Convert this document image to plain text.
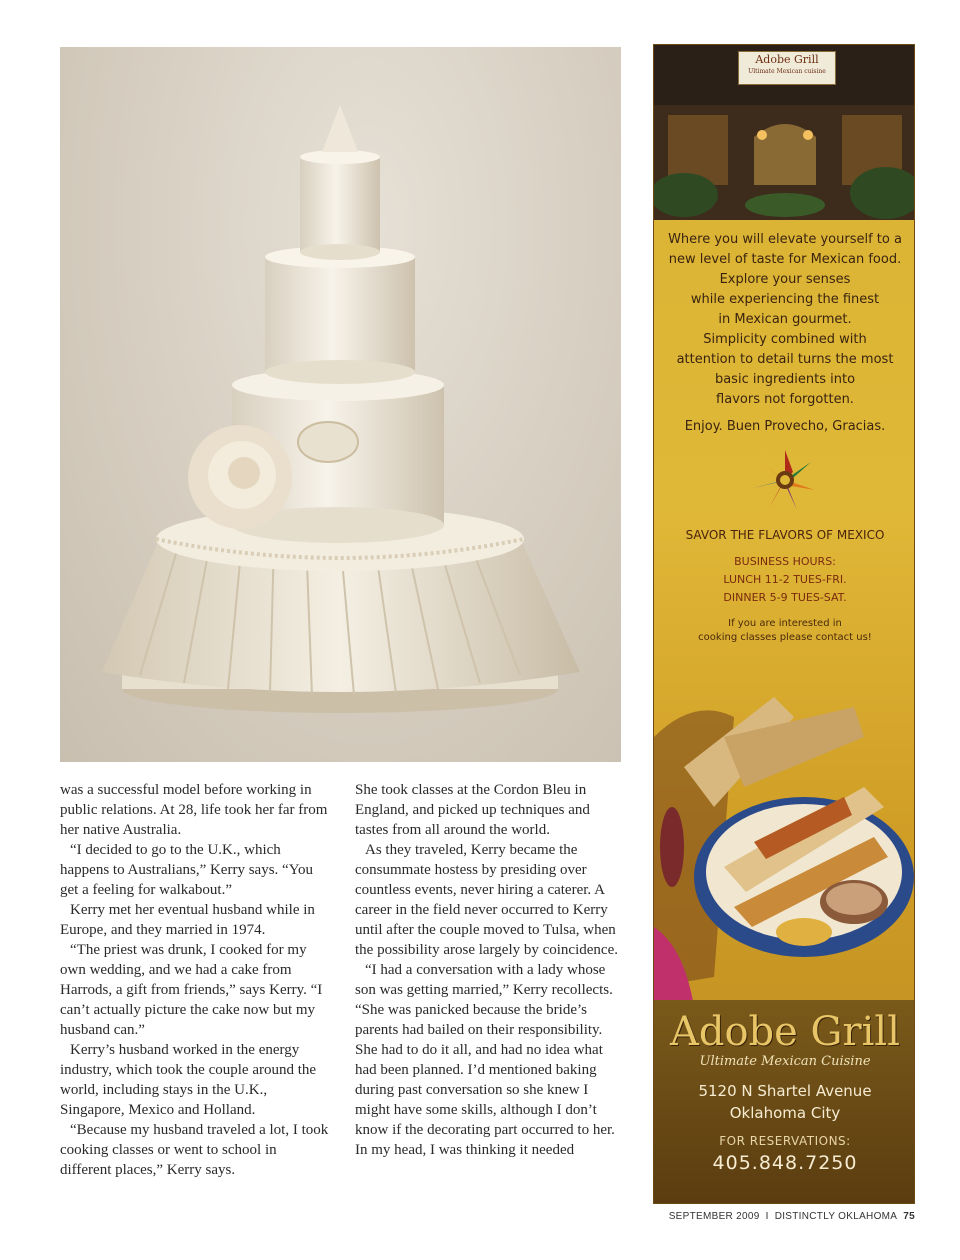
was a successful model before working in public relations. At 28, life took her far from her native Australia.

“I decided to go to the U.K., which happens to Australians,” Kerry says. “You get a feeling for walkabout.”

Kerry met her eventual husband while in Europe, and they married in 1974.

“The priest was drunk, I cooked for my own wedding, and we had a cake from Harrods, a gift from friends,” says Kerry. “I can’t actually picture the cake now but my husband can.”

Kerry’s husband worked in the energy industry, which took the couple around the world, including stays in the U.K., Singapore, Mexico and Holland.

“Because my husband traveled a lot, I took cooking classes or went to school in different places,” Kerry says.

She took classes at the Cordon Bleu in England, and picked up techniques and tastes from all around the world.

As they traveled, Kerry became the consummate hostess by presiding over countless events, never hiring a caterer. A career in the field never occurred to Kerry until after the couple moved to Tulsa, when the possibility arose largely by coincidence.

“I had a conversation with a lady whose son was getting married,” Kerry recollects. “She was panicked because the bride’s parents had bailed on their responsibility. She had to do it all, and had no idea what had been planned. I’d mentioned baking during past conversation so she knew I might have some skills, although I don’t know if the decorating part occurred to her. In my head, I was thinking it needed

Adobe Grill
Ultimate Mexican cuisine
Where you will elevate yourself to a
new level of taste for Mexican food.
Explore your senses
while experiencing the finest
in Mexican gourmet.
Simplicity combined with
attention to detail turns the most
basic ingredients into
flavors not forgotten.
Enjoy. Buen Provecho, Gracias.
SAVOR THE FLAVORS OF MEXICO
BUSINESS HOURS:
LUNCH 11-2 TUES-FRI.
DINNER 5-9 TUES-SAT.
If you are interested in
cooking classes please contact us!
Adobe Grill
Ultimate Mexican Cuisine
5120 N Shartel Avenue
Oklahoma City
FOR RESERVATIONS:
405.848.7250
SEPTEMBER 2009 I DISTINCTLY OKLAHOMA 75
